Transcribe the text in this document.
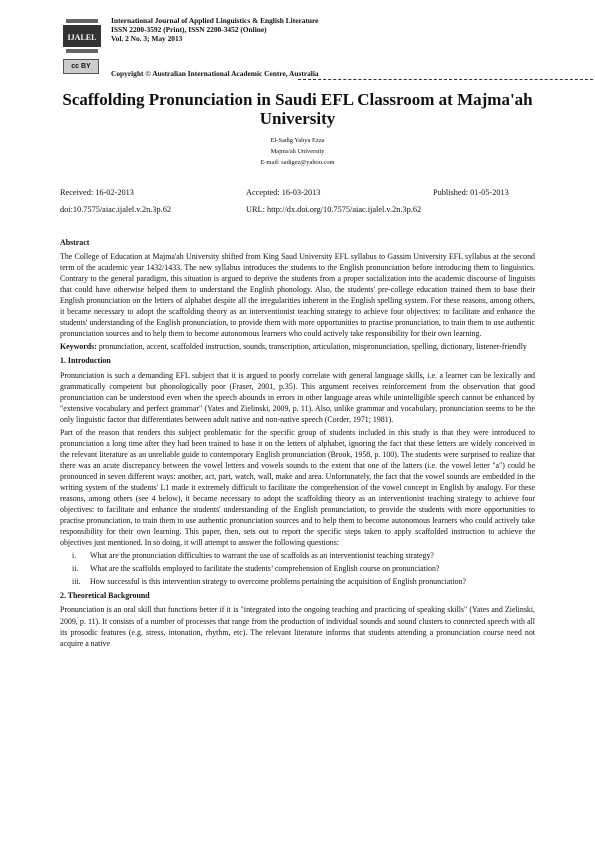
IJALEL
cc BY
International Journal of Applied Linguistics & English Literature
ISSN 2200-3592 (Print), ISSN 2200-3452 (Online)
Vol. 2 No. 3; May 2013
Copyright © Australian International Academic Centre, Australia
Scaffolding Pronunciation in Saudi EFL Classroom at Majma'ah University
El-Sadig Yahya Ezza
Majma'ah University
E-mail: sadigez@yahoo.com
Received: 16-02-2013	Accepted: 16-03-2013	Published: 01-05-2013
doi:10.7575/aiac.ijalel.v.2n.3p.62	URL: http://dx.doi.org/10.7575/aiac.ijalel.v.2n.3p.62
Abstract

The College of Education at Majma'ah University shifted from King Saud University EFL syllabus to Gassim University EFL syllabus at the second term of the academic year 1432/1433. The new syllabus introduces the students to the English pronunciation before introducing them to linguistics. Contrary to the general paradigm, this situation is argued to deprive the students from a proper socialization into the academic discourse of linguists that could have otherwise helped them to understand the English phonology. Also, the students' pre-college education trained them to base their English pronunciation on the letters of alphabet despite all the irregularities inherent in the English spelling system. For these reasons, among others, it became necessary to adopt the scaffolding theory as an interventionist teaching strategy to achieve four objectives: to facilitate and enhance the students' understanding of the English pronunciation, to provide them with more opportunities to practise pronunciation, to train them to use authentic pronunciation sources and to help them to become autonomous learners who could actively take responsibility for their own learning.

Keywords: pronunciation, accent, scaffolded instruction, sounds, transcription, articulation, mispronunciation, spelling, dictionary, listener-friendly

1. Introduction

Pronunciation is such a demanding EFL subject that it is argued to poorly correlate with general language skills, i.e. a learner can be lexically and grammatically competent but phonologically poor (Fraser, 2001, p.35). This argument receives reinforcement from the observation that good pronunciation can be understood even when the speech abounds in errors in other language areas while unintelligible speech cannot be enhanced by "extensive vocabulary and perfect grammar" (Yates and Zielinski, 2009, p. 11). Also, unlike grammar and vocabulary, pronunciation seems to be the only linguistic factor that differentiates between adult native and non-native speech (Corder, 1971; 1981).

Part of the reason that renders this subject problematic for the specific group of students included in this study is that they were introduced to pronunciation a long time after they had been trained to base it on the letters of alphabet, ignoring the fact that these letters are widely conceived in the relevant literature as an unreliable guide to contemporary English pronunciation (Brook, 1958, p. 100). The students were surprised to realize that there was an acute discrepancy between the vowel letters and vowels sounds to the extent that one of the latters (i.e. the vowel letter "a") could be pronounced in seven different ways: another, act, part, watch, wall, make and area. Unfortunately, the fact that the vowel sounds are embedded in the writing system of the students' L1 made it extremely difficult to facilitate the comprehension of the vowel concept in English by analogy. For these reasons, among others (see 4 below), it became necessary to adopt the scaffolding theory as an interventionist teaching strategy to achieve four objectives: to facilitate and enhance the students' understanding of the English pronunciation, to provide the students with more opportunities to practise pronunciation, to train them to use authentic pronunciation sources and to help them to become autonomous learners who could actively take responsibility for their own learning. This paper, then, sets out to report the specific steps taken to apply scaffolded instruction to achieve the objectives just mentioned. In so doing, it will attempt to answer the following questions:

i. What are the pronunciation difficulties to warrant the use of scaffolds as an interventionist teaching strategy?
ii. What are the scaffolds employed to facilitate the students’ comprehension of English course on pronunciation?
iii. How successful is this intervention strategy to overcome problems pertaining the acquisition of English pronunciation?
2. Theoretical Background

Pronunciation is an oral skill that functions better if it is "integrated into the ongoing teaching and practicing of speaking skills" (Yates and Zielinski, 2009, p. 11). It consists of a number of processes that range from the production of individual sounds and sound clusters to connected speech with all its prosodic features (e.g. stress, intonation, rhythm, etc). The relevant literature informs that students attending a pronunciation course need not acquire a native
